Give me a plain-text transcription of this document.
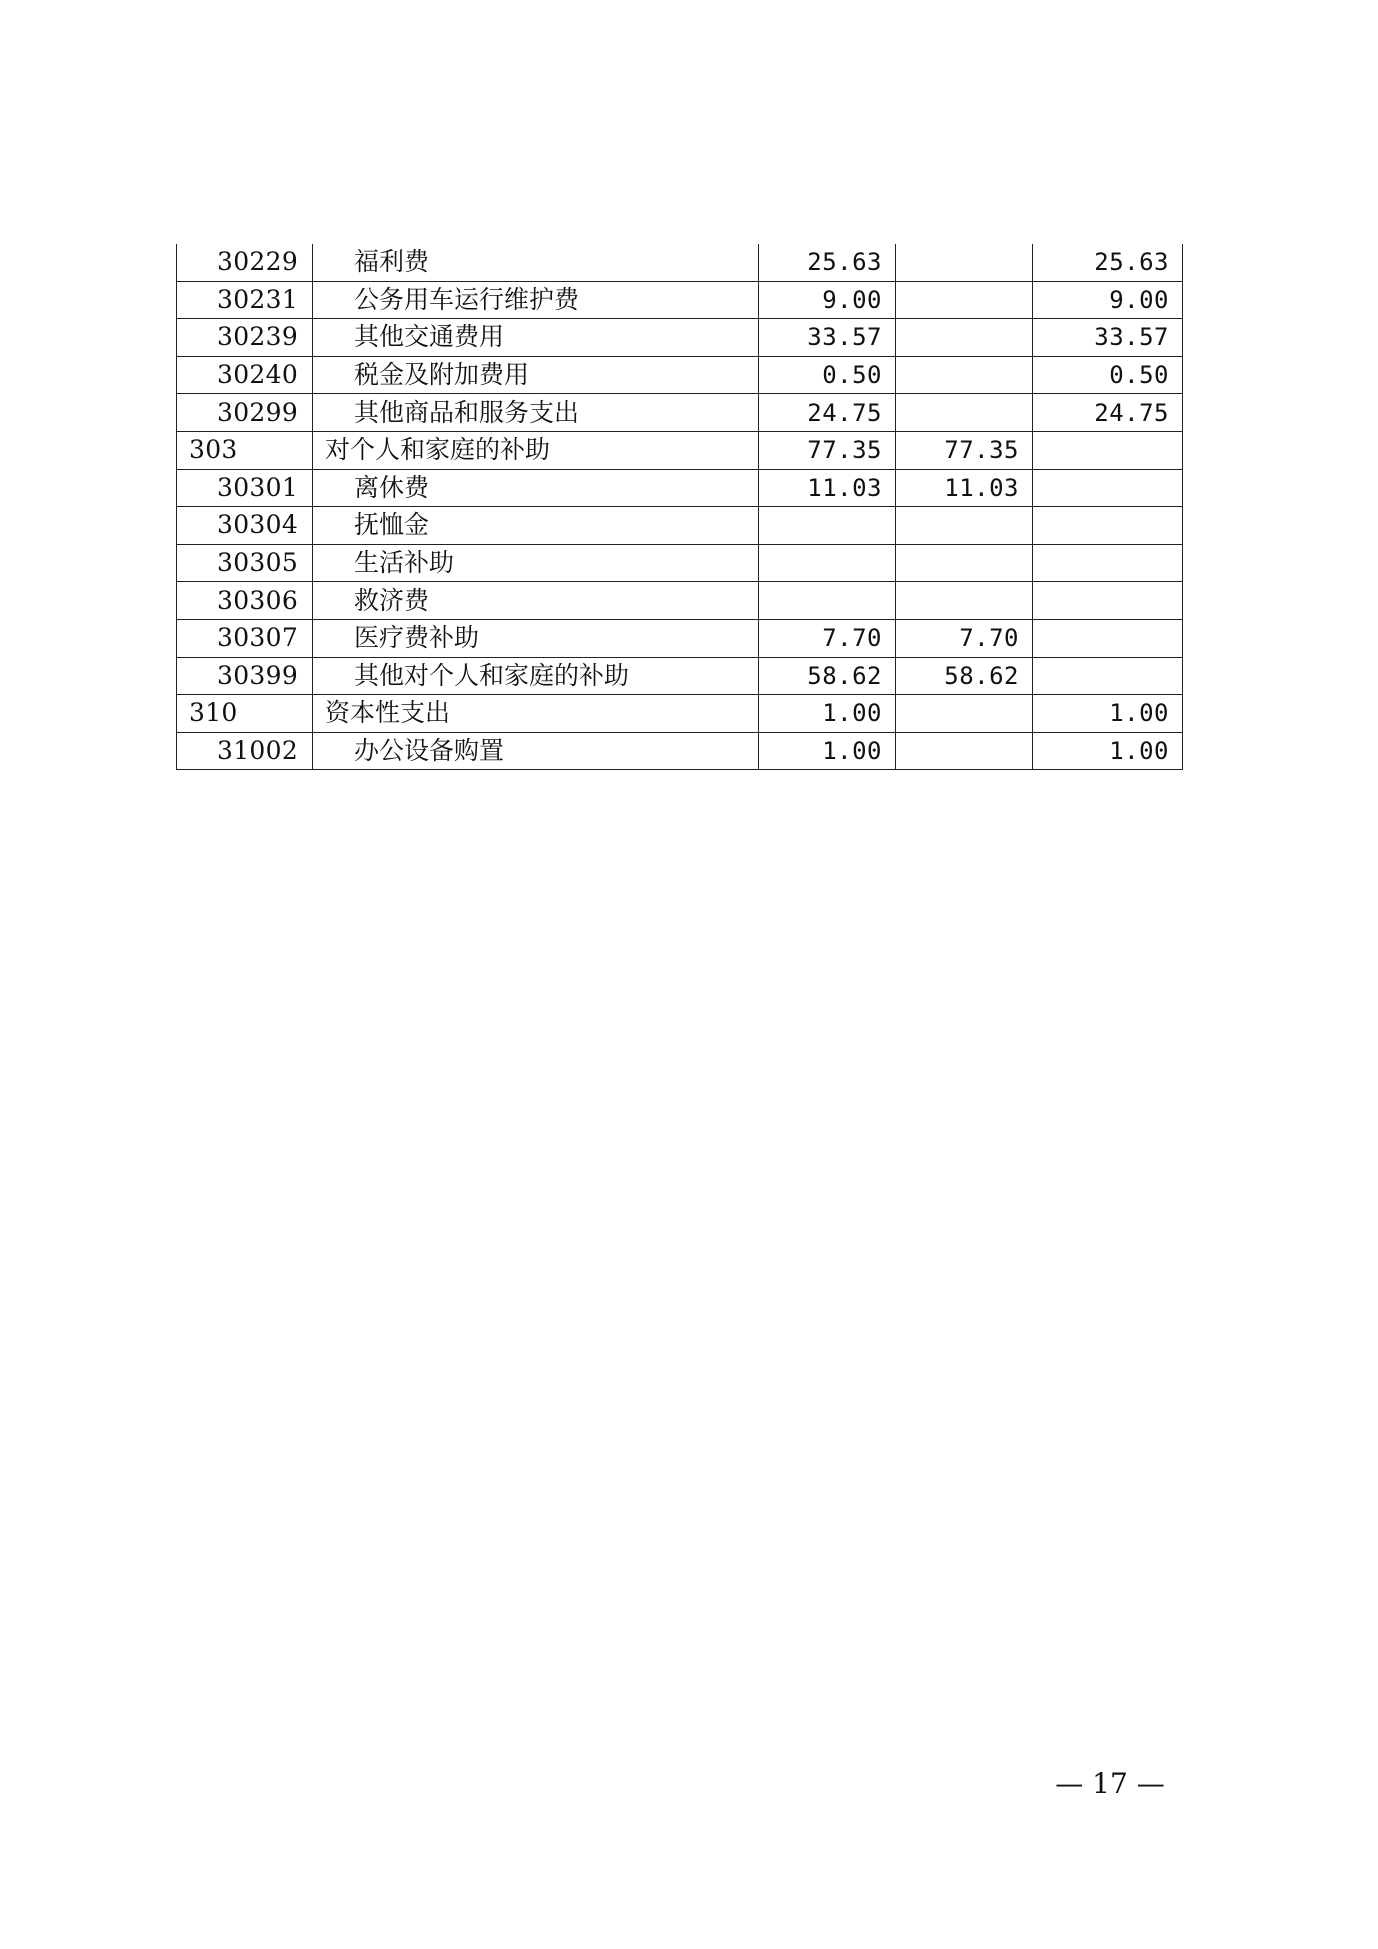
30229	福利费	25.63		25.63
30231	公务用车运行维护费	9.00		9.00
30239	其他交通费用	33.57		33.57
30240	税金及附加费用	0.50		0.50
30299	其他商品和服务支出	24.75		24.75
303	对个人和家庭的补助	77.35	77.35	
30301	离休费	11.03	11.03	
30304	抚恤金			
30305	生活补助			
30306	救济费			
30307	医疗费补助	7.70	7.70	
30399	其他对个人和家庭的补助	58.62	58.62	
310	资本性支出	1.00		1.00
31002	办公设备购置	1.00		1.00
— 17 —
